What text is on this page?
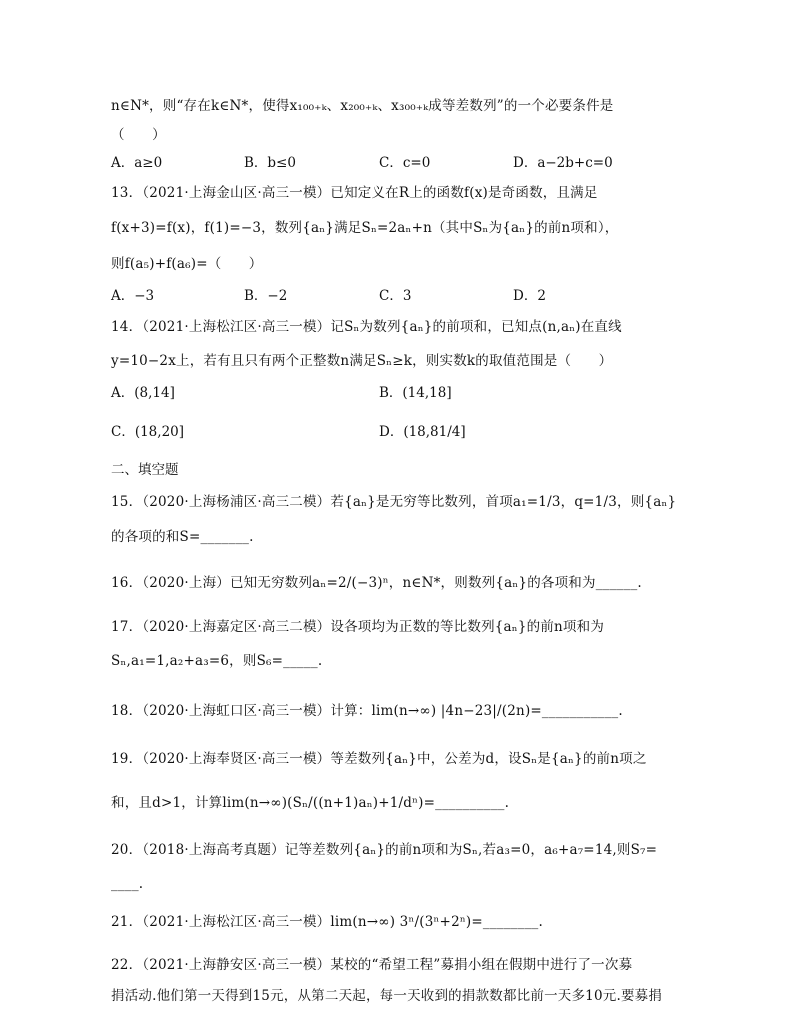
n∈N*，则“存在k∈N*，使得x₁₀₀₊ₖ、x₂₀₀₊ₖ、x₃₀₀₊ₖ成等差数列”的一个必要条件是
（　　）
A．a≥0	B．b≤0	C．c=0	D．a−2b+c=0
13．（2021·上海金山区·高三一模）已知定义在R上的函数f(x)是奇函数，且满足
f(x+3)=f(x)，f(1)=−3，数列{aₙ}满足Sₙ=2aₙ+n（其中Sₙ为{aₙ}的前n项和），
则f(a₅)+f(a₆)=（　　）
A．−3	B．−2	C．3	D．2
14．（2021·上海松江区·高三一模）记Sₙ为数列{aₙ}的前项和，已知点(n,aₙ)在直线
y=10−2x上，若有且只有两个正整数n满足Sₙ≥k，则实数k的取值范围是（　　）
A．(8,14]	B．(14,18]
C．(18,20]	D．(18,81/4]
二、填空题
15．（2020·上海杨浦区·高三二模）若{aₙ}是无穷等比数列，首项a₁=1/3，q=1/3，则{aₙ}
的各项的和S=_______.
16．（2020·上海）已知无穷数列aₙ=2/(−3)ⁿ，n∈N*，则数列{aₙ}的各项和为______.
17．（2020·上海嘉定区·高三二模）设各项均为正数的等比数列{aₙ}的前n项和为
Sₙ,a₁=1,a₂+a₃=6，则S₆=_____.
18．（2020·上海虹口区·高三一模）计算：lim(n→∞) |4n−23|/(2n)=___________.
19．（2020·上海奉贤区·高三一模）等差数列{aₙ}中，公差为d，设Sₙ是{aₙ}的前n项之
和，且d>1，计算lim(n→∞)(Sₙ/((n+1)aₙ)+1/dⁿ)=__________.
20．（2018·上海高考真题）记等差数列{aₙ}的前n项和为Sₙ,若a₃=0，a₆+a₇=14,则S₇=
____.
21．（2021·上海松江区·高三一模）lim(n→∞) 3ⁿ/(3ⁿ+2ⁿ)=________.
22．（2021·上海静安区·高三一模）某校的“希望工程”募捐小组在假期中进行了一次募
捐活动.他们第一天得到15元，从第二天起，每一天收到的捐款数都比前一天多10元.要募捐
